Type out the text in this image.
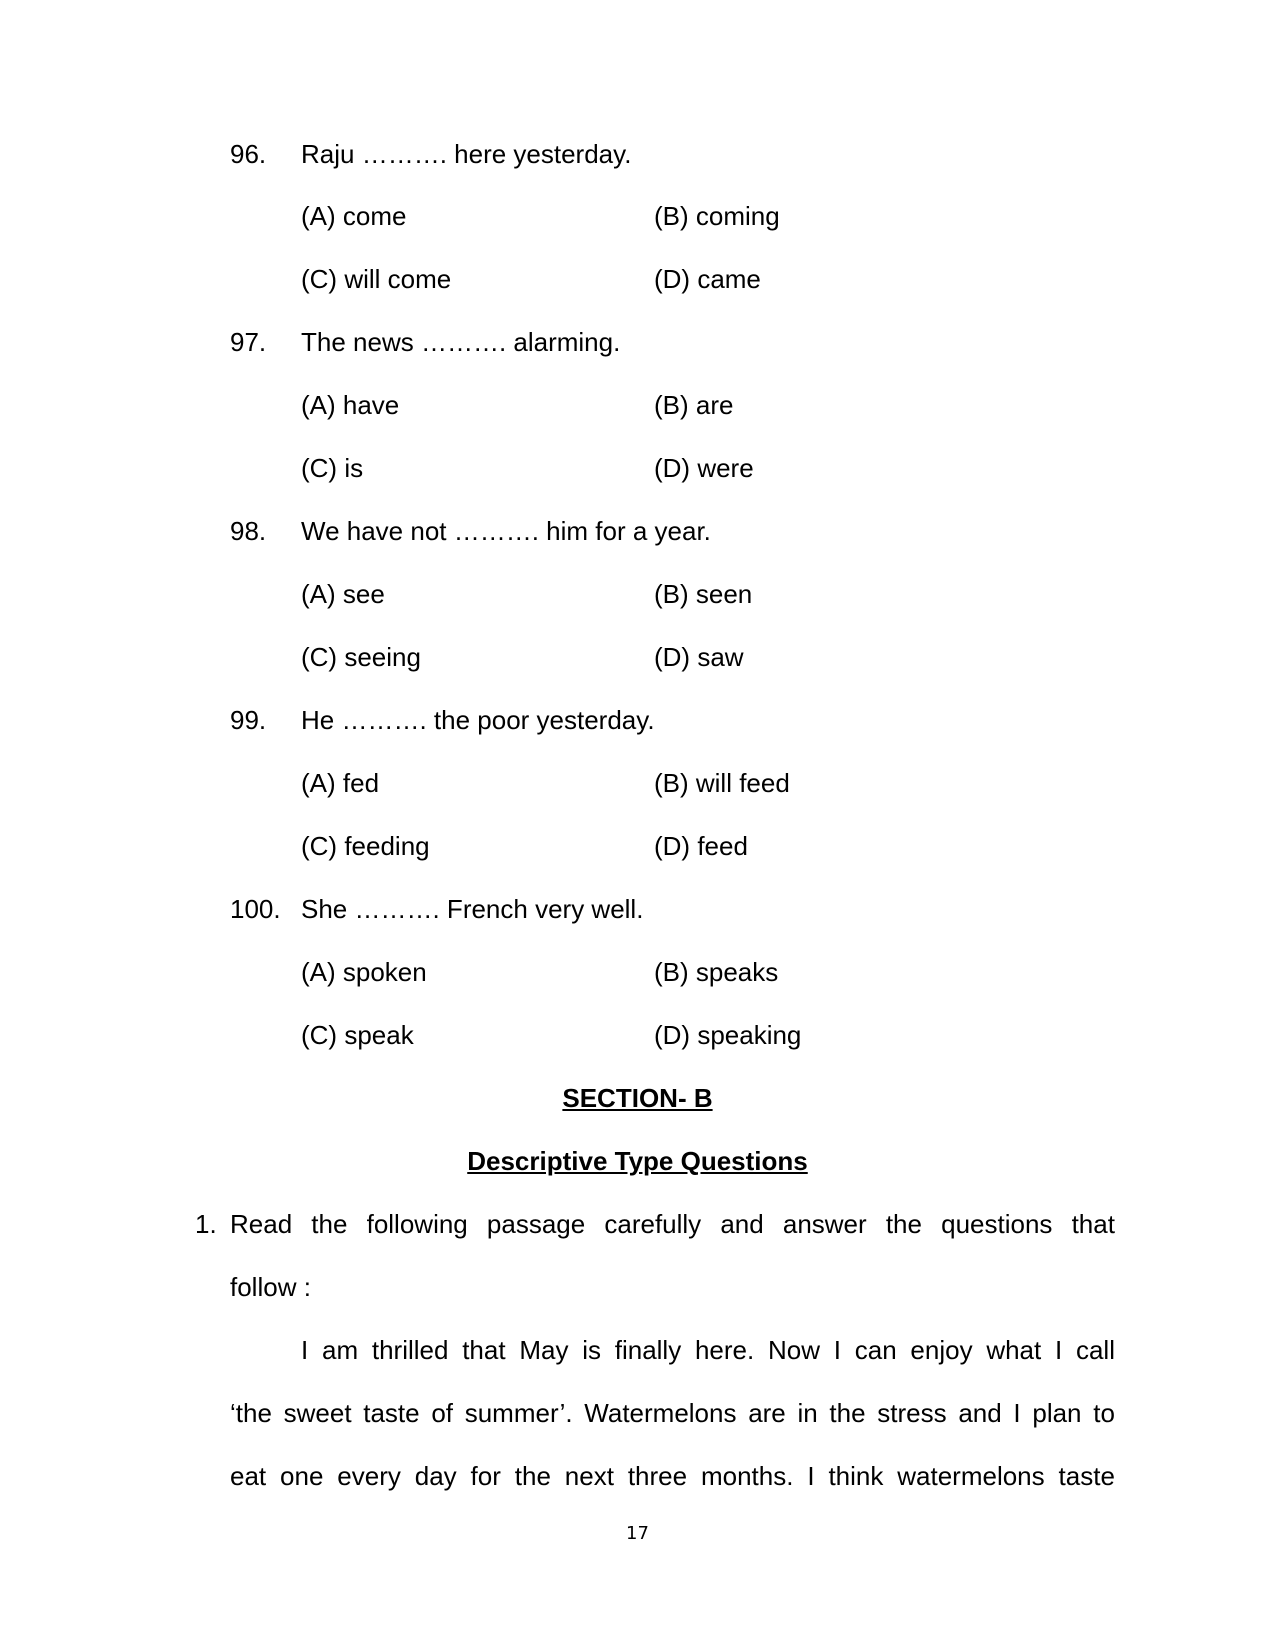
96. Raju ………. here yesterday.
(A) come	(B) coming
(C) will come	(D) came
97. The news ………. alarming.
(A) have	(B) are
(C) is	(D) were
98. We have not ………. him for a year.
(A) see	(B) seen
(C) seeing	(D) saw
99. He ………. the poor yesterday.
(A) fed	(B) will feed
(C) feeding	(D) feed
100. She ………. French very well.
(A) spoken	(B) speaks
(C) speak	(D) speaking
SECTION- B
Descriptive Type Questions
1. Read the following passage carefully and answer the questions that
follow :
I am thrilled that May is finally here. Now I can enjoy what I call
‘the sweet taste of summer’. Watermelons are in the stress and I plan to
eat one every day for the next three months. I think watermelons taste
17
